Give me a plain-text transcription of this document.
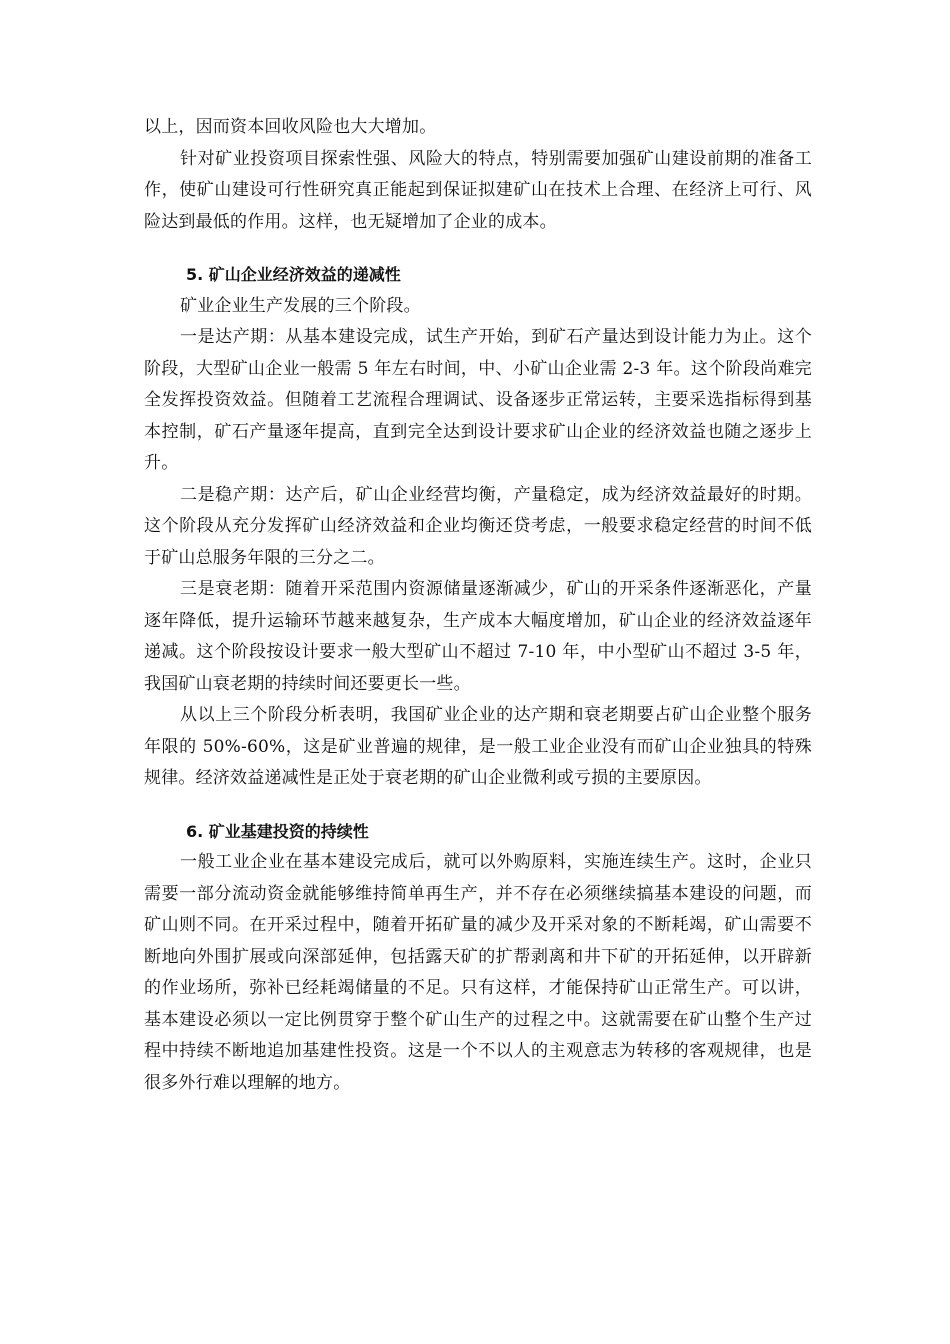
以上，因而资本回收风险也大大增加。

针对矿业投资项目探索性强、风险大的特点，特别需要加强矿山建设前期的准备工作，使矿山建设可行性研究真正能起到保证拟建矿山在技术上合理、在经济上可行、风险达到最低的作用。这样，也无疑增加了企业的成本。

5. 矿山企业经济效益的递减性

矿业企业生产发展的三个阶段。

一是达产期：从基本建设完成，试生产开始，到矿石产量达到设计能力为止。这个阶段，大型矿山企业一般需 5 年左右时间，中、小矿山企业需 2-3 年。这个阶段尚难完全发挥投资效益。但随着工艺流程合理调试、设备逐步正常运转，主要采选指标得到基本控制，矿石产量逐年提高，直到完全达到设计要求矿山企业的经济效益也随之逐步上升。

二是稳产期：达产后，矿山企业经营均衡，产量稳定，成为经济效益最好的时期。这个阶段从充分发挥矿山经济效益和企业均衡还贷考虑，一般要求稳定经营的时间不低于矿山总服务年限的三分之二。

三是衰老期：随着开采范围内资源储量逐渐减少，矿山的开采条件逐渐恶化，产量逐年降低，提升运输环节越来越复杂，生产成本大幅度增加，矿山企业的经济效益逐年递减。这个阶段按设计要求一般大型矿山不超过 7-10 年，中小型矿山不超过 3-5 年，我国矿山衰老期的持续时间还要更长一些。

从以上三个阶段分析表明，我国矿业企业的达产期和衰老期要占矿山企业整个服务年限的 50%-60%，这是矿业普遍的规律，是一般工业企业没有而矿山企业独具的特殊规律。经济效益递减性是正处于衰老期的矿山企业微利或亏损的主要原因。

6. 矿业基建投资的持续性

一般工业企业在基本建设完成后，就可以外购原料，实施连续生产。这时，企业只需要一部分流动资金就能够维持简单再生产，并不存在必须继续搞基本建设的问题，而矿山则不同。在开采过程中，随着开拓矿量的减少及开采对象的不断耗竭，矿山需要不断地向外围扩展或向深部延伸，包括露天矿的扩帮剥离和井下矿的开拓延伸，以开辟新的作业场所，弥补已经耗竭储量的不足。只有这样，才能保持矿山正常生产。可以讲，基本建设必须以一定比例贯穿于整个矿山生产的过程之中。这就需要在矿山整个生产过程中持续不断地追加基建性投资。这是一个不以人的主观意志为转移的客观规律，也是很多外行难以理解的地方。
